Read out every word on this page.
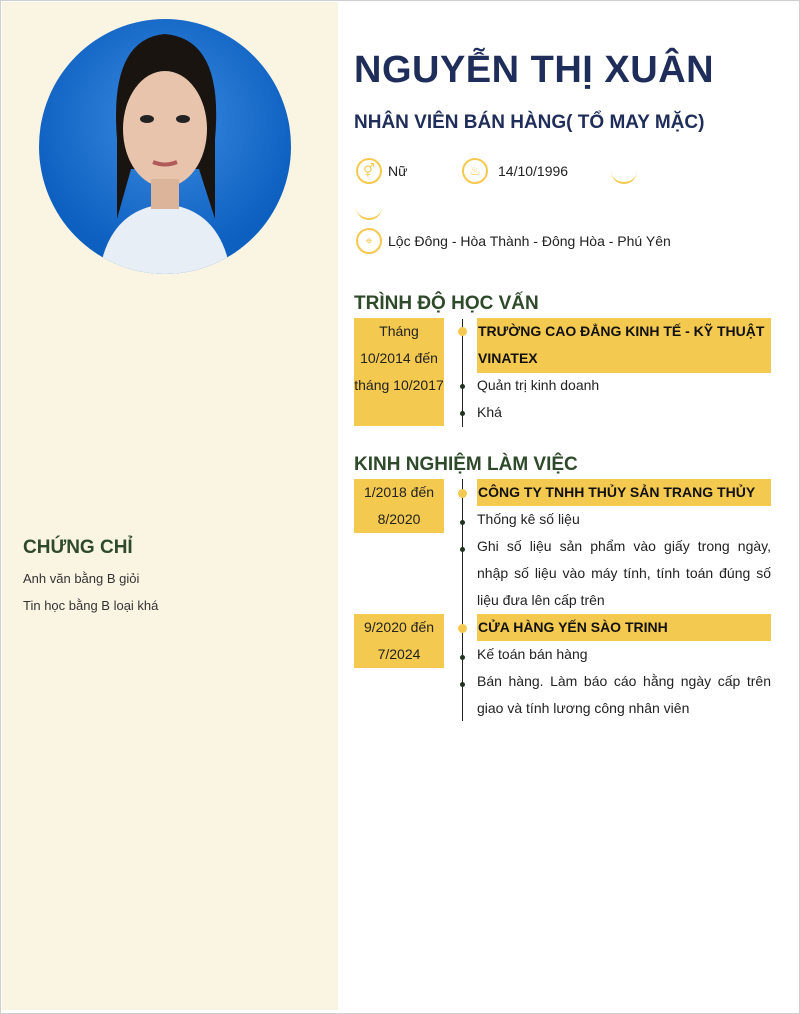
CHỨNG CHỈ
Anh văn bằng B giỏi
Tin học bằng B loại khá
NGUYỄN THỊ XUÂN
NHÂN VIÊN BÁN HÀNG( TỔ MAY MẶC)
⚥ Nữ	♨	14/10/1996
⌖	Lộc Đông - Hòa Thành - Đông Hòa - Phú Yên
TRÌNH ĐỘ HỌC VẤN
Tháng 10/2014 đến tháng 10/2017
TRƯỜNG CAO ĐẲNG KINH TẾ - KỸ THUẬT VINATEX
Quản trị kinh doanh
Khá
KINH NGHIỆM LÀM VIỆC
1/2018 đến 8/2020
CÔNG TY TNHH THỦY SẢN TRANG THỦY
Thống kê số liệu
Ghi số liệu sản phẩm vào giấy trong ngày, nhập số liệu vào máy tính, tính toán đúng số liệu đưa lên cấp trên
9/2020 đến 7/2024
CỬA HÀNG YẾN SÀO TRINH
Kế toán bán hàng
Bán hàng. Làm báo cáo hằng ngày cấp trên giao và tính lương công nhân viên
